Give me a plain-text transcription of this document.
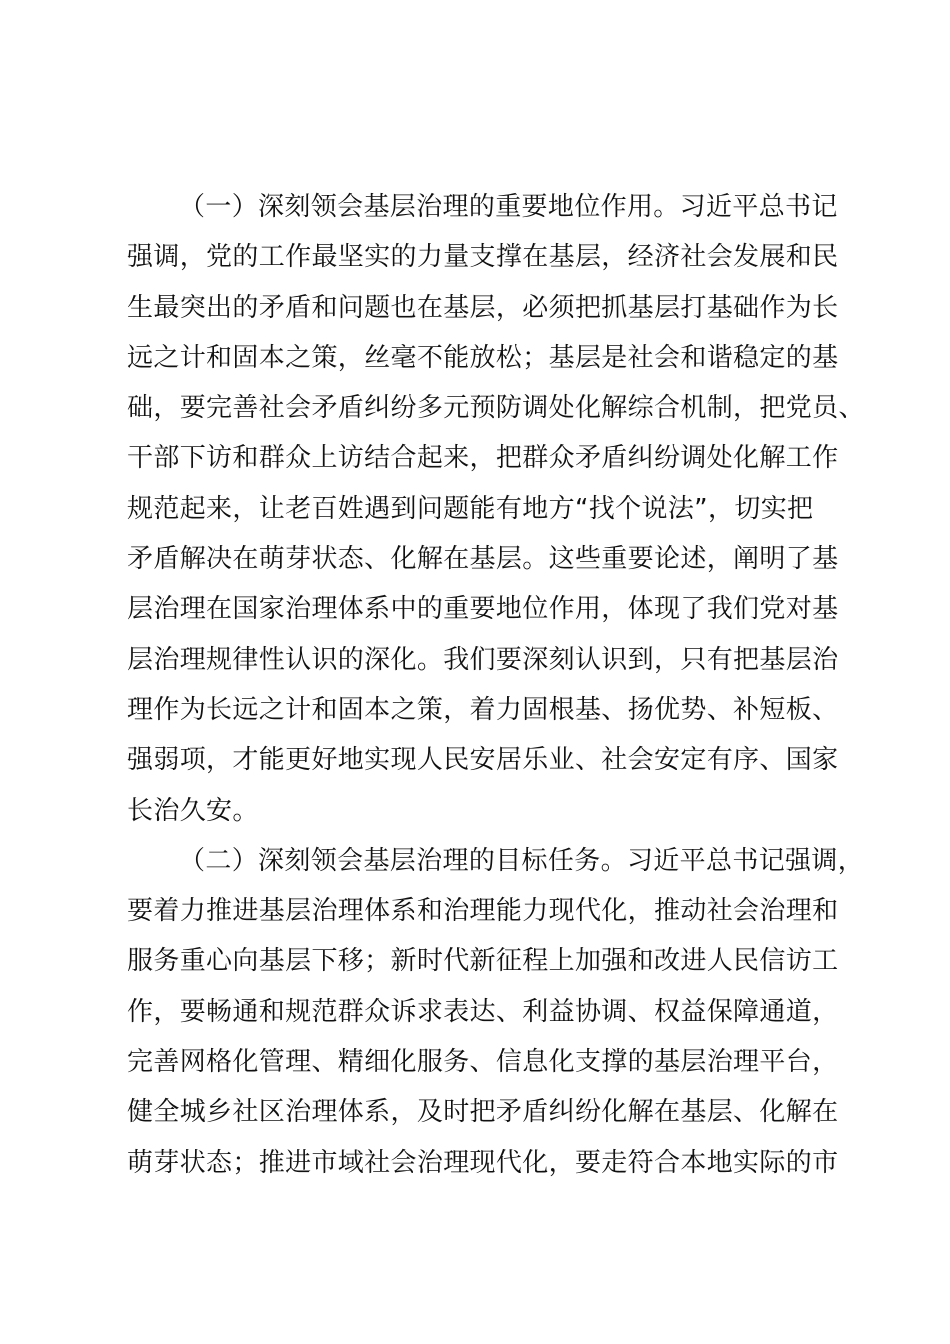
（一）深刻领会基层治理的重要地位作用。习近平总书记
强调，党的工作最坚实的力量支撑在基层，经济社会发展和民
生最突出的矛盾和问题也在基层，必须把抓基层打基础作为长
远之计和固本之策，丝毫不能放松；基层是社会和谐稳定的基
础，要完善社会矛盾纠纷多元预防调处化解综合机制，把党员、
干部下访和群众上访结合起来，把群众矛盾纠纷调处化解工作
规范起来，让老百姓遇到问题能有地方“找个说法”，切实把
矛盾解决在萌芽状态、化解在基层。这些重要论述，阐明了基
层治理在国家治理体系中的重要地位作用，体现了我们党对基
层治理规律性认识的深化。我们要深刻认识到，只有把基层治
理作为长远之计和固本之策，着力固根基、扬优势、补短板、
强弱项，才能更好地实现人民安居乐业、社会安定有序、国家
长治久安。
（二）深刻领会基层治理的目标任务。习近平总书记强调，
要着力推进基层治理体系和治理能力现代化，推动社会治理和
服务重心向基层下移；新时代新征程上加强和改进人民信访工
作，要畅通和规范群众诉求表达、利益协调、权益保障通道，
完善网格化管理、精细化服务、信息化支撑的基层治理平台，
健全城乡社区治理体系，及时把矛盾纠纷化解在基层、化解在
萌芽状态；推进市域社会治理现代化，要走符合本地实际的市
